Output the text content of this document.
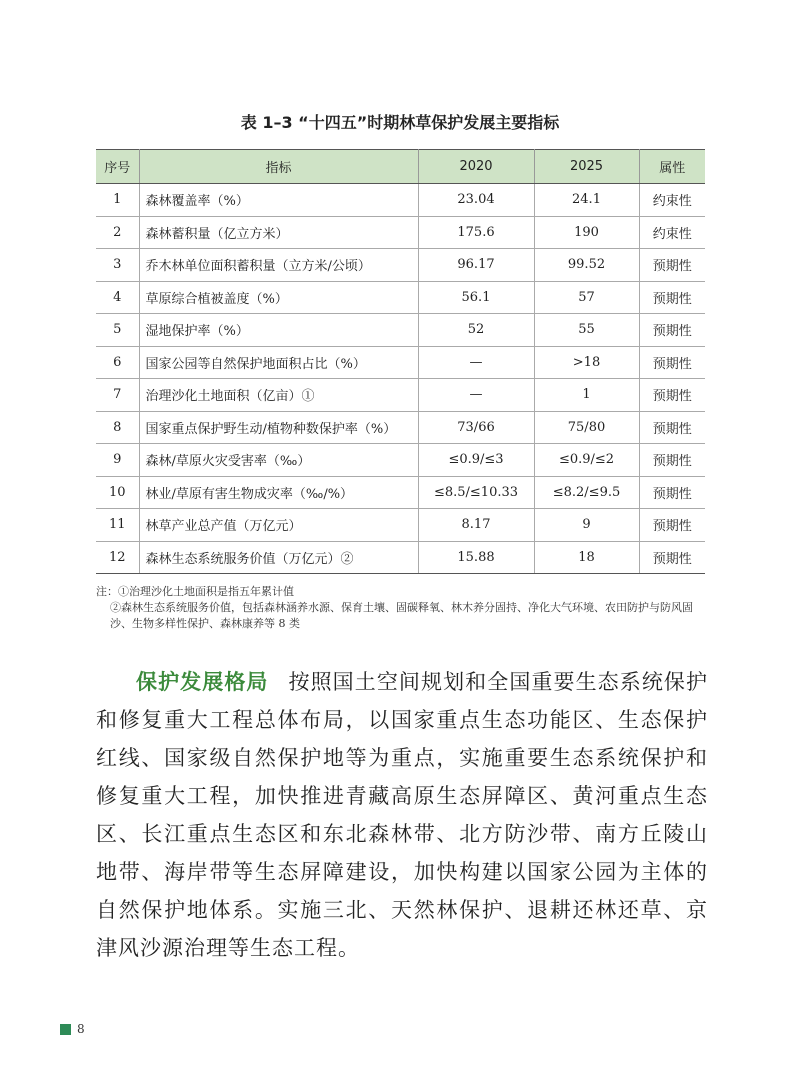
表 1–3 “十四五”时期林草保护发展主要指标
序号	指标	2020	2025	属性
1	森林覆盖率（%）	23.04	24.1	约束性
2	森林蓄积量（亿立方米）	175.6	190	约束性
3	乔木林单位面积蓄积量（立方米/公顷）	96.17	99.52	预期性
4	草原综合植被盖度（%）	56.1	57	预期性
5	湿地保护率（%）	52	55	预期性
6	国家公园等自然保护地面积占比（%）	—	>18	预期性
7	治理沙化土地面积（亿亩）①	—	1	预期性
8	国家重点保护野生动/植物种数保护率（%）	73/66	75/80	预期性
9	森林/草原火灾受害率（‰）	≤0.9/≤3	≤0.9/≤2	预期性
10	林业/草原有害生物成灾率（‰/%）	≤8.5/≤10.33	≤8.2/≤9.5	预期性
11	林草产业总产值（万亿元）	8.17	9	预期性
12	森林生态系统服务价值（万亿元）②	15.88	18	预期性

注：①治理沙化土地面积是指五年累计值

②森林生态系统服务价值，包括森林涵养水源、保育土壤、固碳释氧、林木养分固持、净化大气环境、农田防护与防风固沙、生物多样性保护、森林康养等 8 类

保护发展格局 按照国土空间规划和全国重要生态系统保护和修复重大工程总体布局，以国家重点生态功能区、生态保护红线、国家级自然保护地等为重点，实施重要生态系统保护和修复重大工程，加快推进青藏高原生态屏障区、黄河重点生态区、长江重点生态区和东北森林带、北方防沙带、南方丘陵山地带、海岸带等生态屏障建设，加快构建以国家公园为主体的自然保护地体系。实施三北、天然林保护、退耕还林还草、京津风沙源治理等生态工程。
8
